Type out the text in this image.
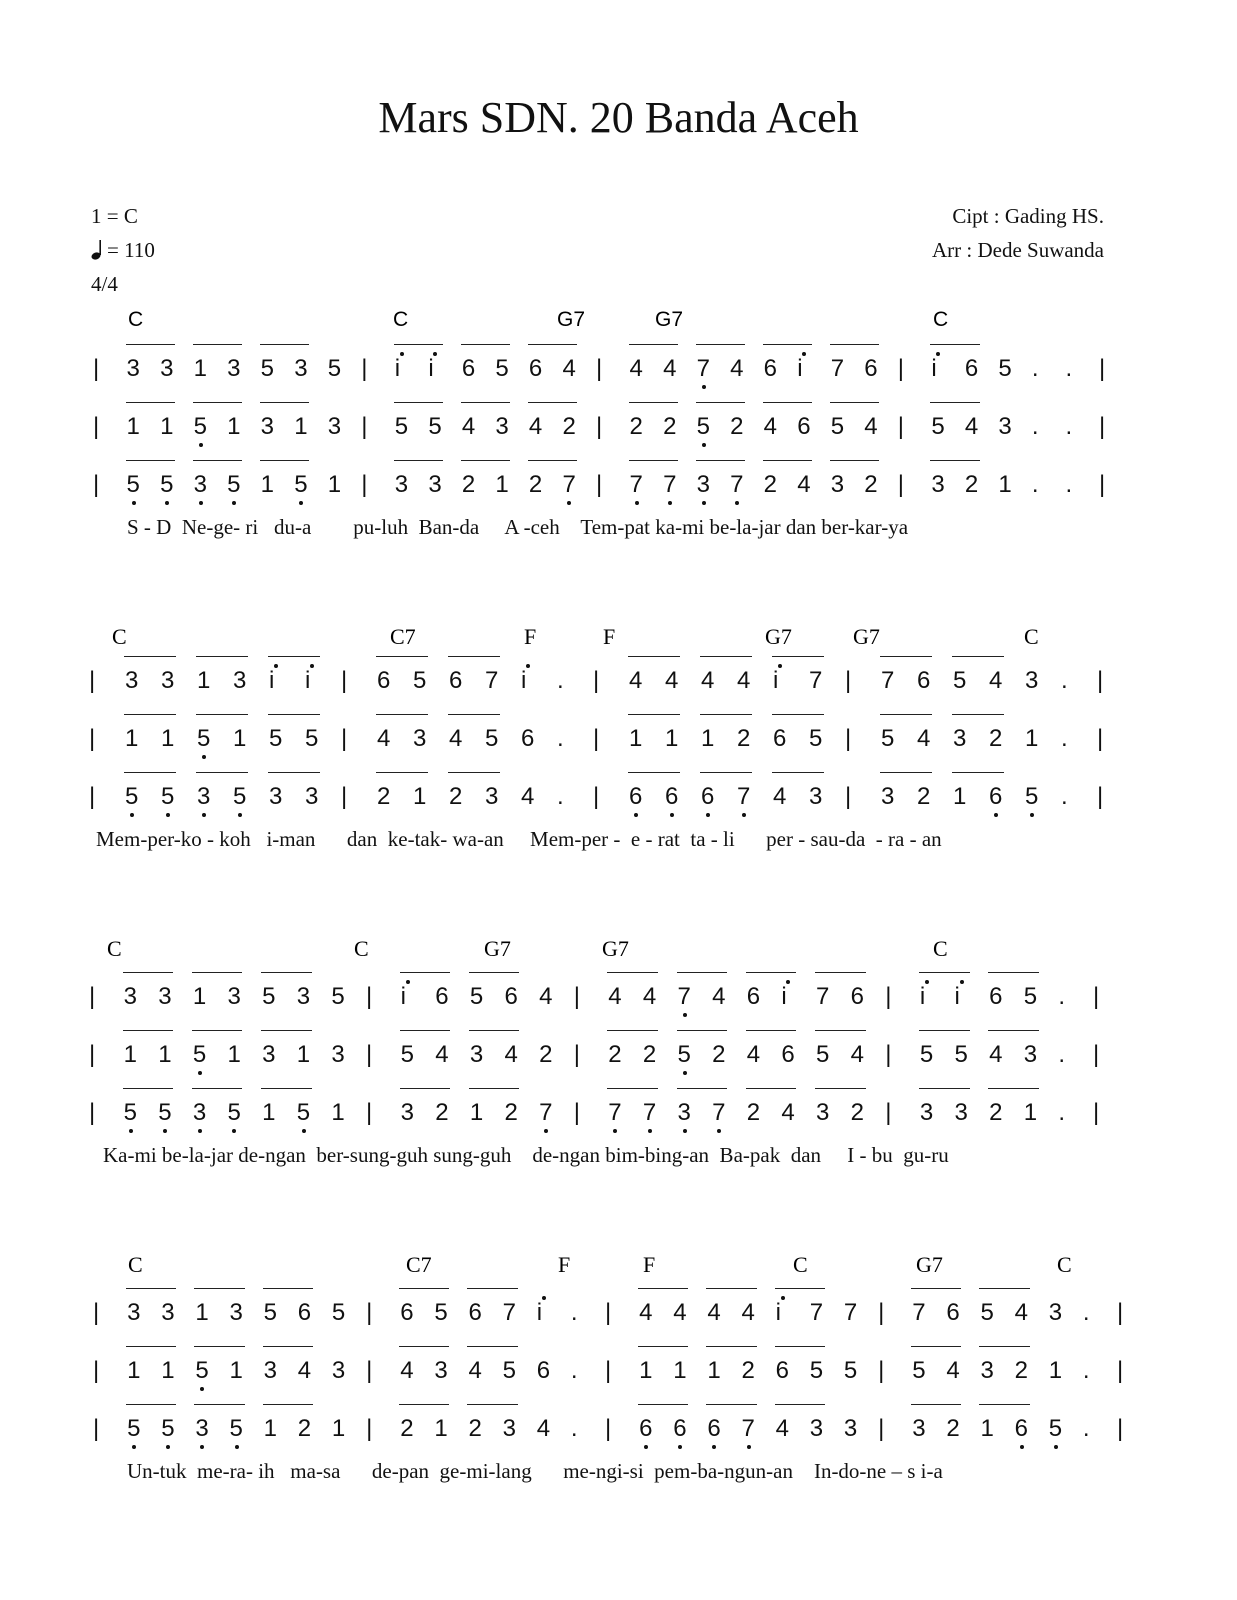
Mars SDN. 20 Banda Aceh
1 = C
= 110
4/4
Cipt : Gading HS.
Arr : Dede Suwanda
C	C	G7	G7	C
| 3 3 1 3 5 3 5 | i i 6 5 6 4 | 4 4 7 4 6 i 7 6 | i 6 5 . . |
| 1 1 5 1 3 1 3 | 5 5 4 3 4 2 | 2 2 5 2 4 6 5 4 | 5 4 3 . . |
| 5 5 3 5 1 5 1 | 3 3 2 1 2 7 | 7 7 3 7 2 4 3 2 | 3 2 1 . . |
S - D  Ne-ge- ri   du-a        pu-luh  Ban-da     A -ceh    Tem-pat ka-mi be-la-jar dan ber-kar-ya
C	C7	F	F	G7	G7	C
| 3 3 1 3 i i | 6 5 6 7 i . | 4 4 4 4 i 7 | 7 6 5 4 3 . |
| 1 1 5 1 5 5 | 4 3 4 5 6 . | 1 1 1 2 6 5 | 5 4 3 2 1 . |
| 5 5 3 5 3 3 | 2 1 2 3 4 . | 6 6 6 7 4 3 | 3 2 1 6 5 . |
Mem-per-ko - koh   i-man      dan  ke-tak- wa-an     Mem-per -  e - rat  ta - li      per - sau-da  - ra - an
C	C	G7	G7	C
| 3 3 1 3 5 3 5 | i 6 5 6 4 | 4 4 7 4 6 i 7 6 | i i 6 5 . |
| 1 1 5 1 3 1 3 | 5 4 3 4 2 | 2 2 5 2 4 6 5 4 | 5 5 4 3 . |
| 5 5 3 5 1 5 1 | 3 2 1 2 7 | 7 7 3 7 2 4 3 2 | 3 3 2 1 . |
Ka-mi be-la-jar de-ngan  ber-sung-guh sung-guh    de-ngan bim-bing-an  Ba-pak  dan     I - bu  gu-ru
C	C7	F	F	C	G7	C
| 3 3 1 3 5 6 5 | 6 5 6 7 i . | 4 4 4 4 i 7 7 | 7 6 5 4 3 . |
| 1 1 5 1 3 4 3 | 4 3 4 5 6 . | 1 1 1 2 6 5 5 | 5 4 3 2 1 . |
| 5 5 3 5 1 2 1 | 2 1 2 3 4 . | 6 6 6 7 4 3 3 | 3 2 1 6 5 . |
Un-tuk  me-ra- ih   ma-sa      de-pan  ge-mi-lang      me-ngi-si  pem-ba-ngun-an    In-do-ne – s i-a
